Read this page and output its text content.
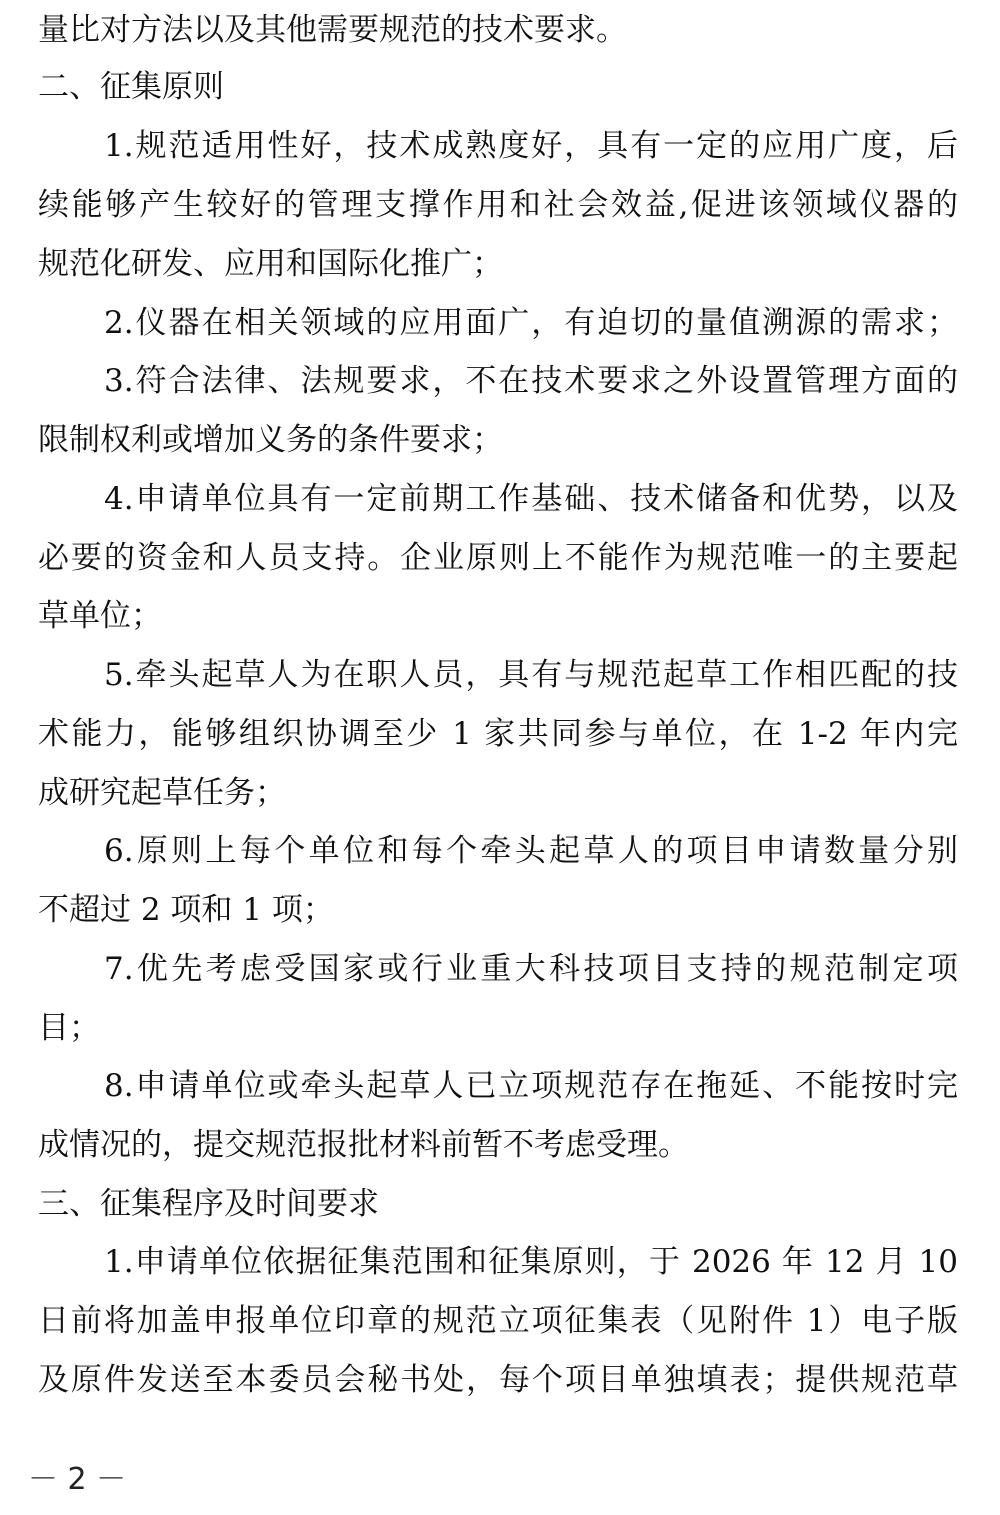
量比对方法以及其他需要规范的技术要求。
二、征集原则
1.规范适用性好，技术成熟度好，具有一定的应用广度，后
续能够产生较好的管理支撑作用和社会效益,促进该领域仪器的
规范化研发、应用和国际化推广；
2.仪器在相关领域的应用面广，有迫切的量值溯源的需求；
3.符合法律、法规要求，不在技术要求之外设置管理方面的
限制权利或增加义务的条件要求；
4.申请单位具有一定前期工作基础、技术储备和优势，以及
必要的资金和人员支持。企业原则上不能作为规范唯一的主要起
草单位；
5.牵头起草人为在职人员，具有与规范起草工作相匹配的技
术能力，能够组织协调至少 1 家共同参与单位，在 1-2 年内完
成研究起草任务；
6.原则上每个单位和每个牵头起草人的项目申请数量分别
不超过 2 项和 1 项；
7.优先考虑受国家或行业重大科技项目支持的规范制定项
目；
8.申请单位或牵头起草人已立项规范存在拖延、不能按时完
成情况的，提交规范报批材料前暂不考虑受理。
三、征集程序及时间要求
1.申请单位依据征集范围和征集原则，于 2026 年 12 月 10
日前将加盖申报单位印章的规范立项征集表（见附件 1）电子版
及原件发送至本委员会秘书处，每个项目单独填表；提供规范草
－ 2 －
